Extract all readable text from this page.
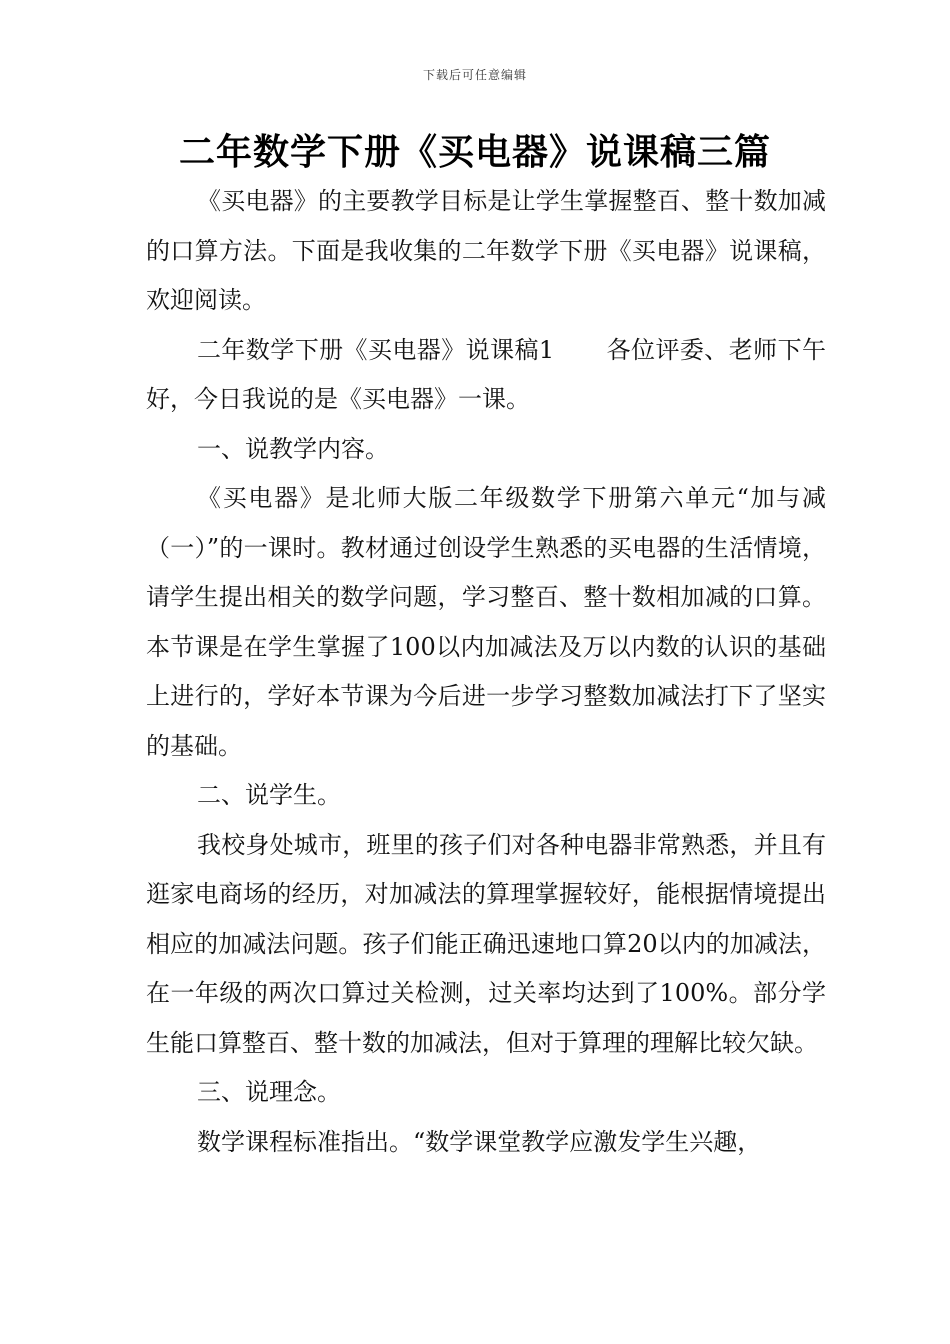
下载后可任意编辑
二年数学下册《买电器》说课稿三篇

《买电器》的主要教学目标是让学生掌握整百、整十数加减的口算方法。下面是我收集的二年数学下册《买电器》说课稿，欢迎阅读。

二年数学下册《买电器》说课稿1 各位评委、老师下午好，今日我说的是《买电器》一课。

一、说教学内容。

《买电器》是北师大版二年级数学下册第六单元“加与减（一）”的一课时。教材通过创设学生熟悉的买电器的生活情境，请学生提出相关的数学问题，学习整百、整十数相加减的口算。本节课是在学生掌握了100以内加减法及万以内数的认识的基础上进行的，学好本节课为今后进一步学习整数加减法打下了坚实的基础。

二、说学生。

我校身处城市，班里的孩子们对各种电器非常熟悉，并且有逛家电商场的经历，对加减法的算理掌握较好，能根据情境提出相应的加减法问题。孩子们能正确迅速地口算20以内的加减法，在一年级的两次口算过关检测，过关率均达到了100%。部分学生能口算整百、整十数的加减法，但对于算理的理解比较欠缺。

三、说理念。

数学课程标准指出。“数学课堂教学应激发学生兴趣，
